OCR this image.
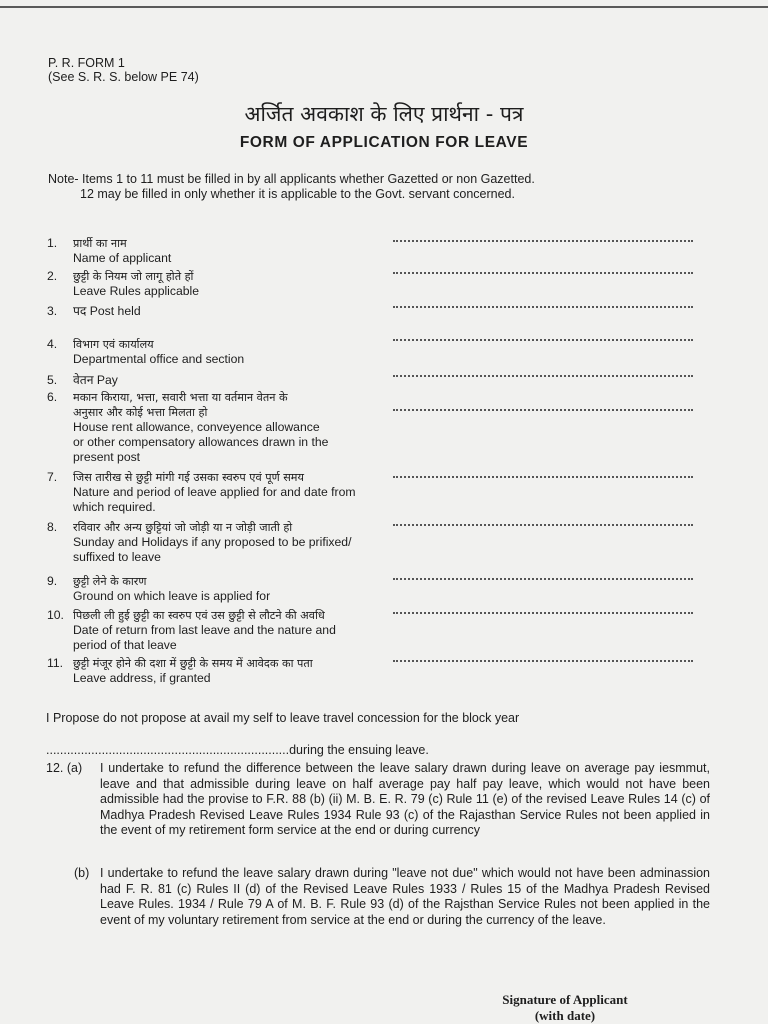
P. R. FORM 1
(See S. R. S. below PE 74)
अर्जित अवकाश के लिए प्रार्थना - पत्र
FORM OF APPLICATION FOR LEAVE
Note- Items 1 to 11 must be filled in by all applicants whether Gazetted or non Gazetted.
12 may be filled in only whether it is applicable to the Govt. servant concerned.
1. प्रार्थी का नाम
Name of applicant
2. छुट्टी के नियम जो लागू होते हों
Leave Rules applicable
3. पद Post held
4. विभाग एवं कार्यालय
Departmental office and section
5. वेतन Pay
6. मकान किराया, भत्ता, सवारी भत्ता या वर्तमान वेतन के
अनुसार और कोई भत्ता मिलता हो
House rent allowance, conveyence allowance
or other compensatory allowances drawn in the
present post
7. जिस तारीख से छुट्टी मांगी गई उसका स्वरुप एवं पूर्ण समय
Nature and period of leave applied for and date from
which required.
8. रविवार और अन्य छुट्टियां जो जोड़ी या न जोड़ी जाती हो
Sunday and Holidays if any proposed to be prifixed/
suffixed to leave
9. छुट्टी लेने के कारण
Ground on which leave is applied for
10. पिछली ली हुई छुट्टी का स्वरुप एवं उस छुट्टी से लौटने की अवधि
Date of return from last leave and the nature and
period of that leave
11. छुट्टी मंजूर होने की दशा में छुट्टी के समय में आवेदक का पता
Leave address, if granted
I Propose do not propose at avail my self to leave travel concession for the block year
......................................................................during the ensuing leave.
12. (a) I undertake to refund the difference between the leave salary drawn during leave on average pay iesmmut, leave and that admissible during leave on half average pay half pay leave, which would not have been admissible had the provise to F.R. 88 (b) (ii) M. B. E. R. 79 (c) Rule 11 (e) of the revised Leave Rules 14 (c) of Madhya Pradesh Revised Leave Rules 1934 Rule 93 (c) of the Rajasthan Service Rules not been applied in the event of my retirement form service at the end or during currency
(b) I undertake to refund the leave salary drawn during "leave not due" which would not have been adminassion had F. R. 81 (c) Rules II (d) of the Revised Leave Rules 1933 / Rules 15 of the Madhya Pradesh Revised Leave Rules. 1934 / Rule 79 A of M. B. F. Rule 93 (d) of the Rajsthan Service Rules not been applied in the event of my voluntary retirement from service at the end or during the currency of the leave.
Signature of Applicant
(with date)
